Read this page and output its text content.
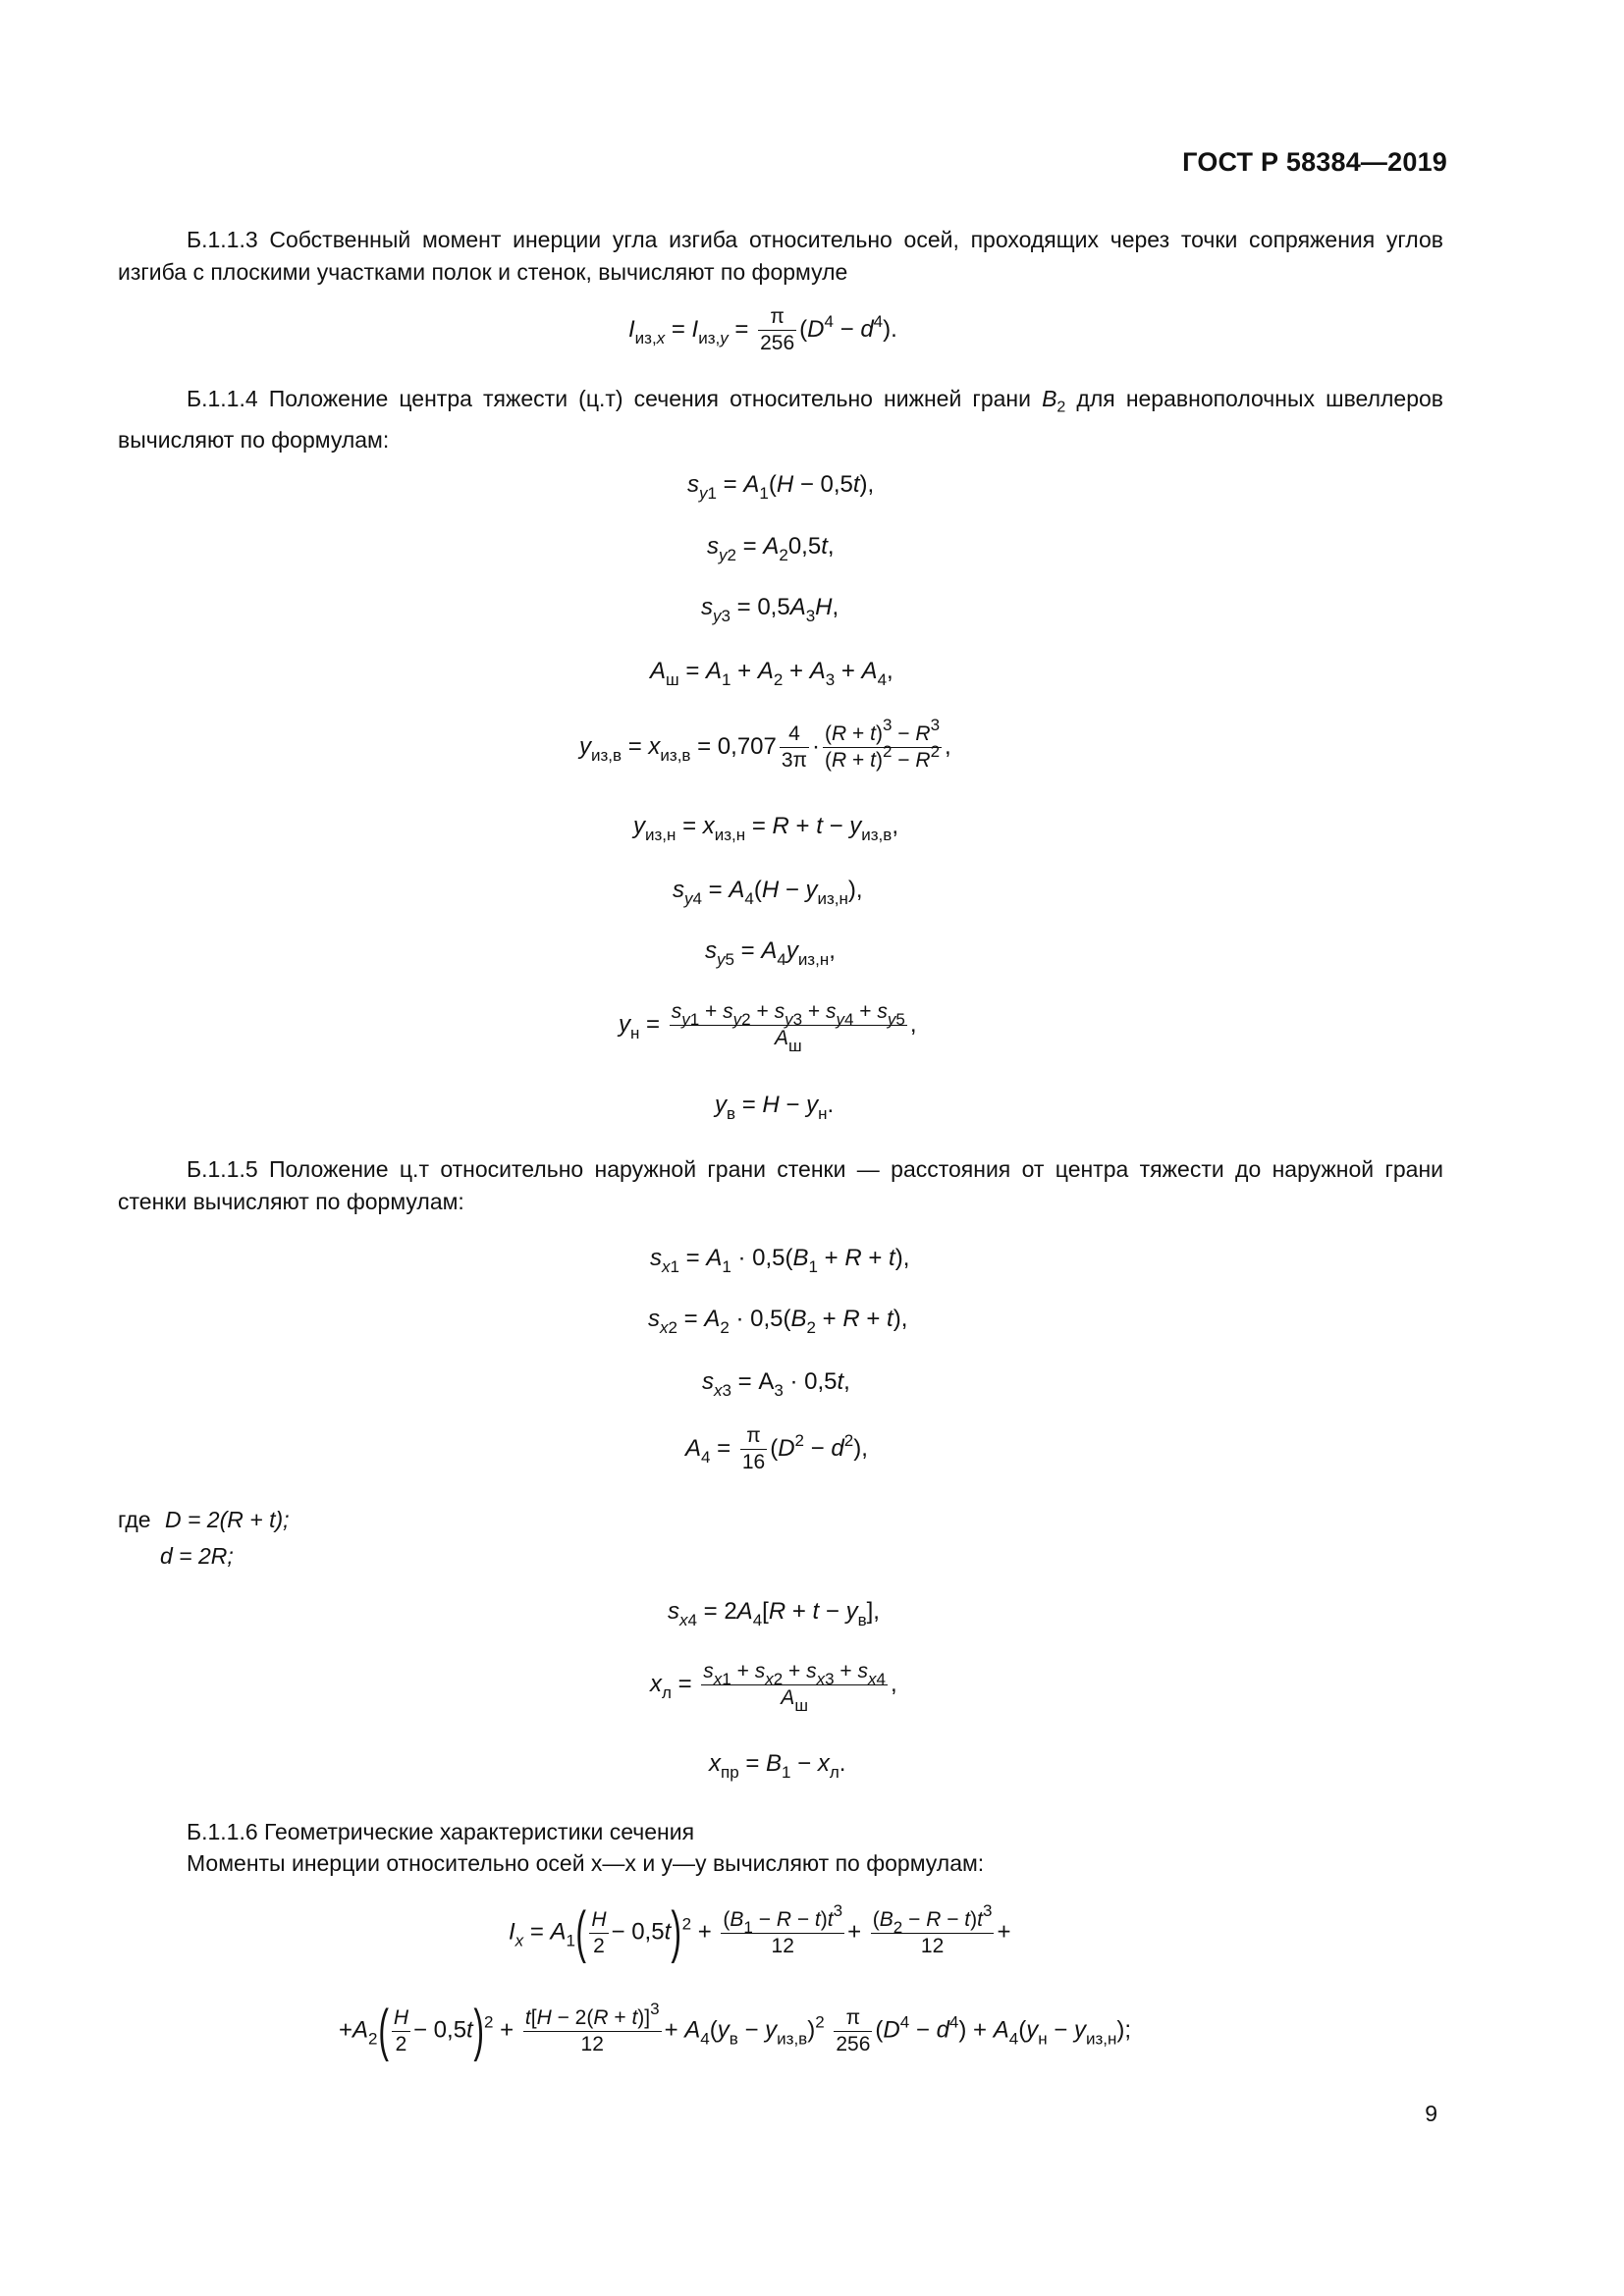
ГОСТ Р 58384—2019
Б.1.1.3 Собственный момент инерции угла изгиба относительно осей, проходящих через точки сопряжения углов изгиба с плоскими участками полок и стенок, вычисляют по формуле
$I_{из,x} = I_{из,y} = \frac{\pi}{256} (D^4 - d^4)$.
Б.1.1.4 Положение центра тяжести (ц.т) сечения относительно нижней грани $B_2$ для неравнополочных швеллеров вычисляют по формулам:
$s_{y1} = A_1(H - 0,5t)$,
$s_{y2} = A_20,5t$,
$s_{y3} = 0,5A_3H$,
$A_ш = A_1 + A_2 + A_3 + A_4$,
$y_{из,в} = x_{из,в} = 0,707 \frac{4}{3\pi} \cdot \frac{(R + t)^3 - R^3}{(R + t)^2 - R^2}$ ,
$y_{из,н} = x_{из,н} = R + t - y_{из,в}$,
$s_{y4} = A_4(H - y_{из,н})$,
$s_{y5} = A_4y_{из,н}$,
$y_н = \frac{s_{y1} + s_{y2} + s_{y3} + s_{y4} + s_{y5}}{A_ш}$ ,
$y_в = H - y_н$.
Б.1.1.5 Положение ц.т относительно наружной грани стенки — расстояния от центра тяжести до наружной грани стенки вычисляют по формулам:
$s_{x1} = A_1 \cdot 0,5(B_1 + R + t)$,
$s_{x2} = A_2 \cdot 0,5(B_2 + R + t)$,
$s_{x3} = А_3 \cdot 0,5t$,
$A_4 = \frac{\pi}{16} (D^2 - d^2)$,
где D = 2(R + t);
d = 2R;
$s_{x4} = 2A_4[R + t - y_в]$,
$x_л = \frac{s_{x1} + s_{x2} + s_{x3} + s_{x4}}{A_ш}$ ,
$x_{пр} = B_1 - x_л$.
Б.1.1.6 Геометрические характеристики сечения
Моменты инерции относительно осей x—x и y—y вычисляют по формулам:
$I_x = A_1( \frac{H}{2} - 0,5t)^2 + \frac{(B_1 - R - t)t^3}{12} + \frac{(B_2 - R - t)t^3}{12}$ +
$+A_2( \frac{H}{2} - 0,5t)^2 + \frac{t[H - 2(R + t)]^3}{12} + A_4(y_в - y_{из,в})^2 \frac{\pi}{256} (D^4 - d^4) + A_4(y_н - y_{из,н})$;
9
